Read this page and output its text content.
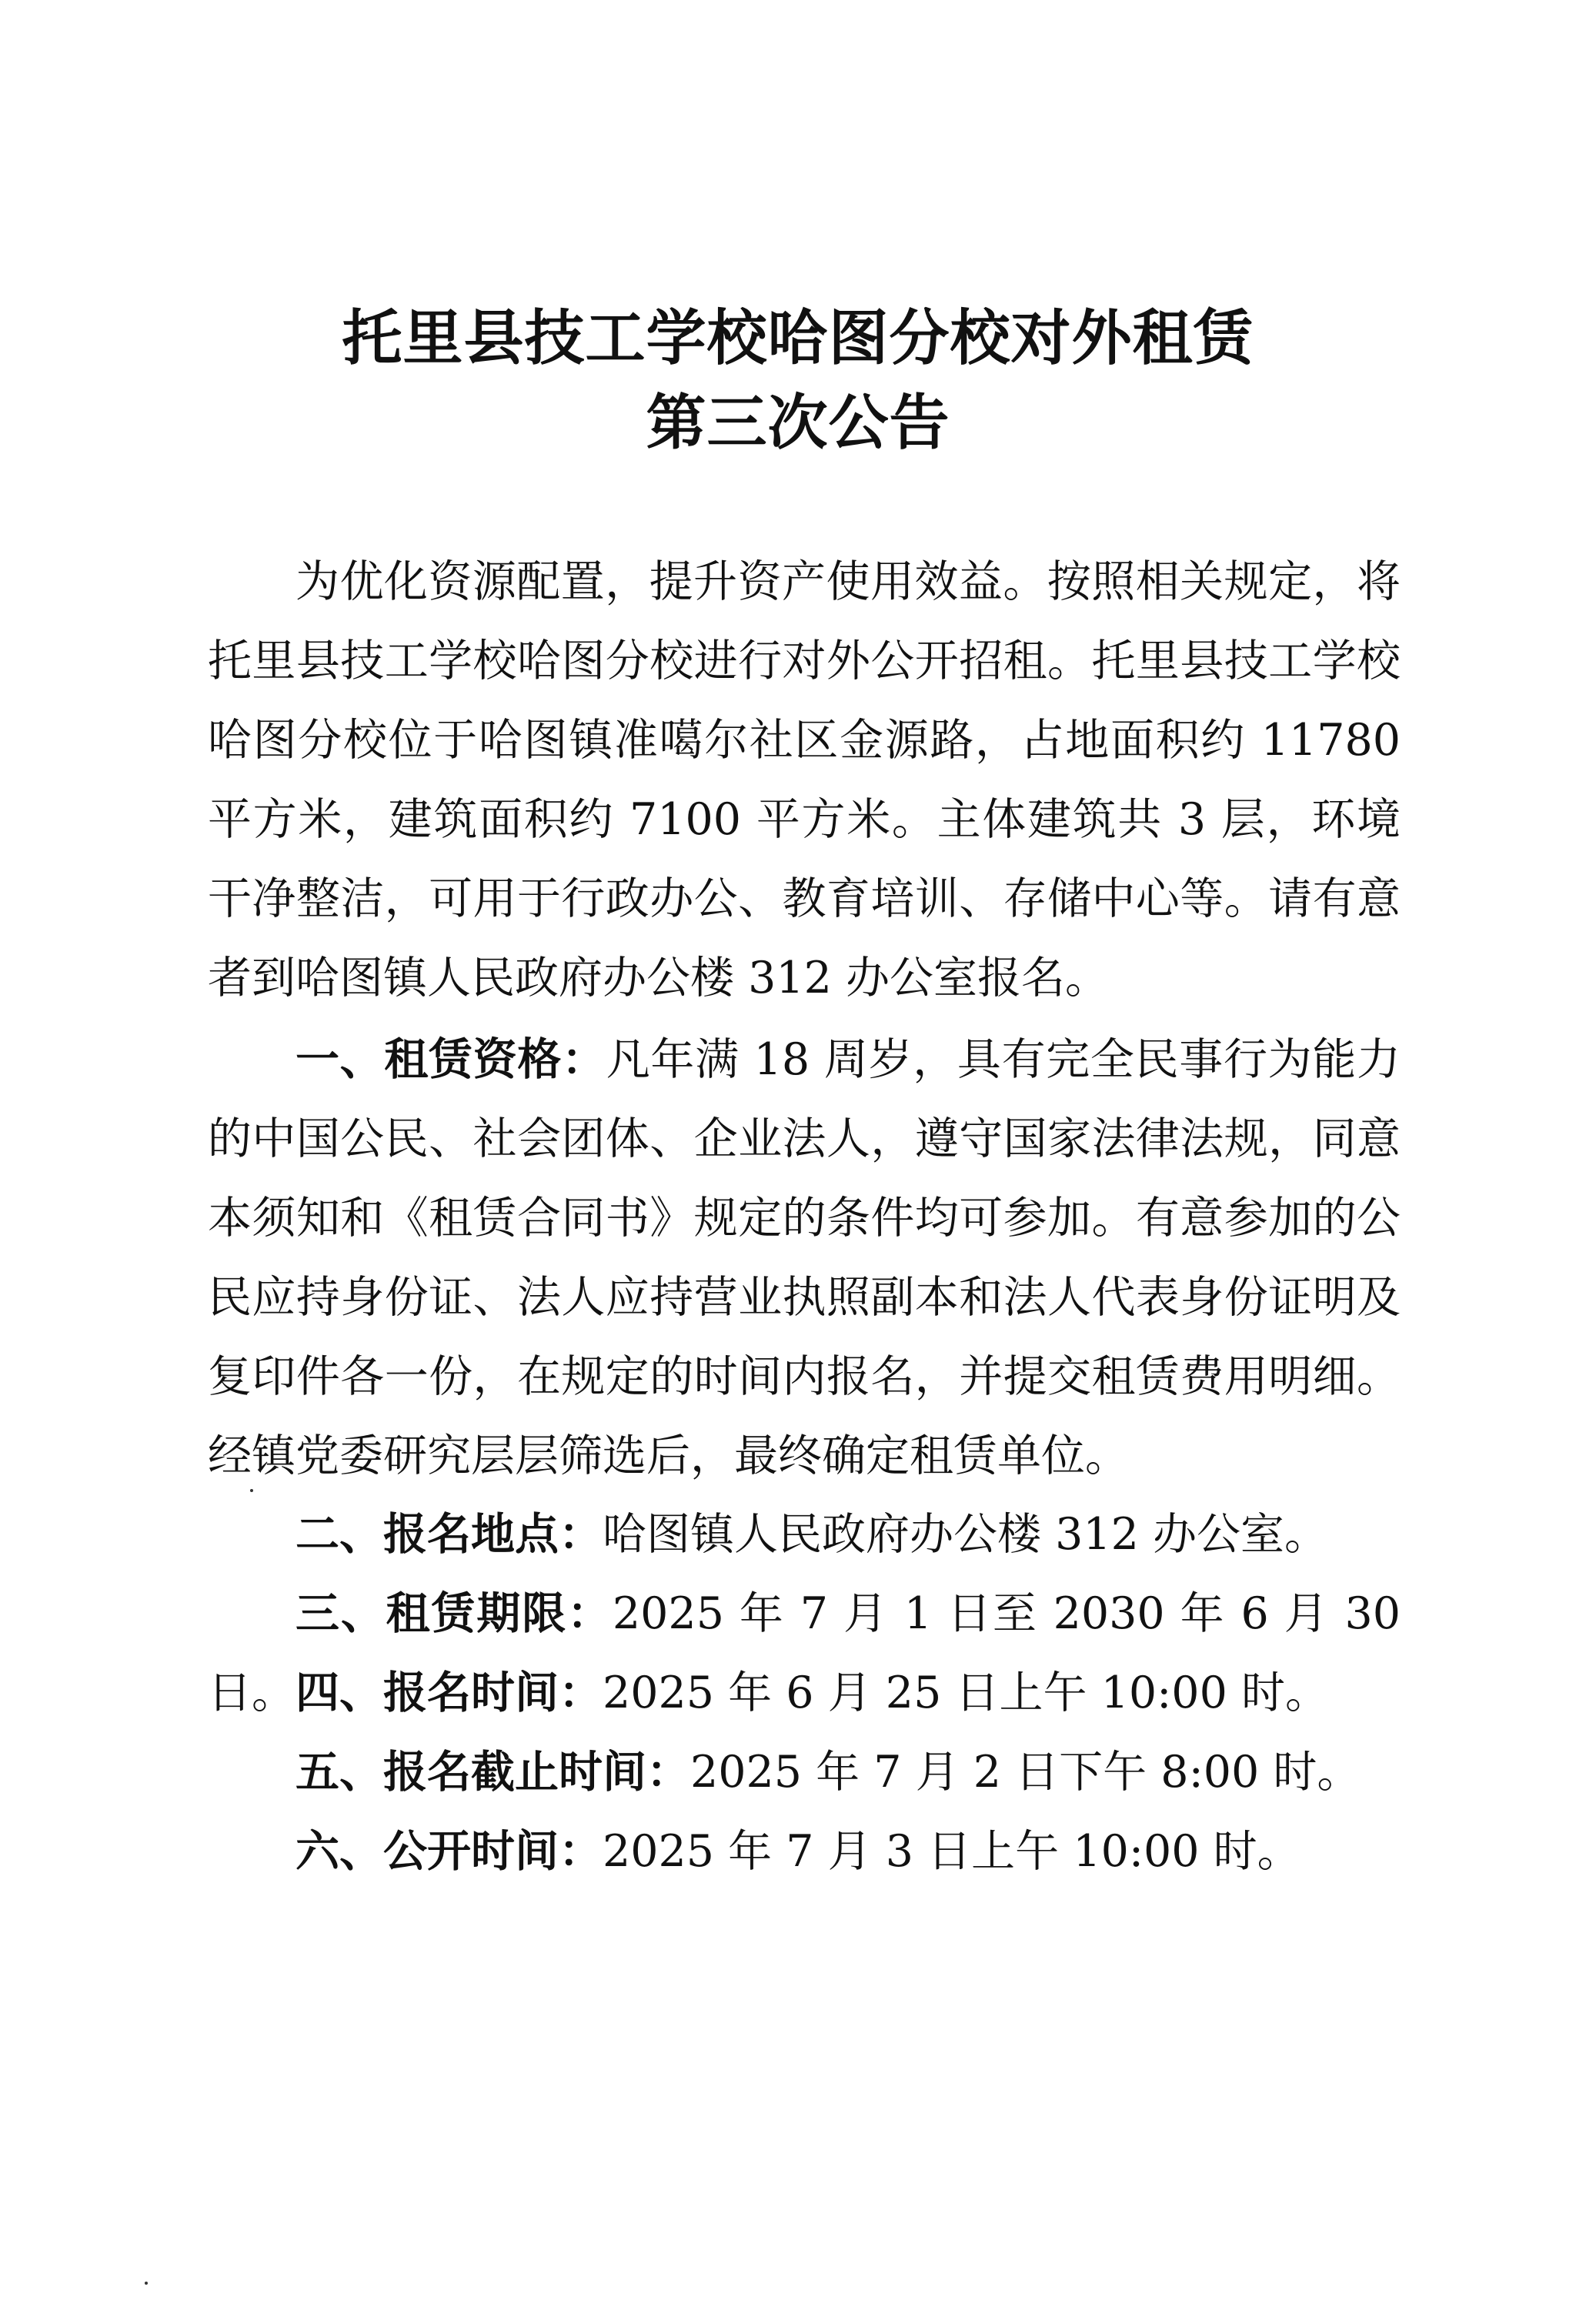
托里县技工学校哈图分校对外租赁
第三次公告
为优化资源配置，提升资产使用效益。按照相关规定，将托里县技工学校哈图分校进行对外公开招租。托里县技工学校哈图分校位于哈图镇准噶尔社区金源路，占地面积约 11780 平方米，建筑面积约 7100 平方米。主体建筑共 3 层，环境干净整洁，可用于行政办公、教育培训、存储中心等。请有意者到哈图镇人民政府办公楼 312 办公室报名。
一、租赁资格：凡年满 18 周岁，具有完全民事行为能力的中国公民、社会团体、企业法人，遵守国家法律法规，同意本须知和《租赁合同书》规定的条件均可参加。有意参加的公民应持身份证、法人应持营业执照副本和法人代表身份证明及复印件各一份，在规定的时间内报名，并提交租赁费用明细。经镇党委研究层层筛选后，最终确定租赁单位。
二、报名地点：哈图镇人民政府办公楼 312 办公室。
三、租赁期限：2025 年 7 月 1 日至 2030 年 6 月 30 日。 四、报名时间：2025 年 6 月 25 日上午 10:00 时。
五、报名截止时间：2025 年 7 月 2 日下午 8:00 时。
六、公开时间：2025 年 7 月 3 日上午 10:00 时。
